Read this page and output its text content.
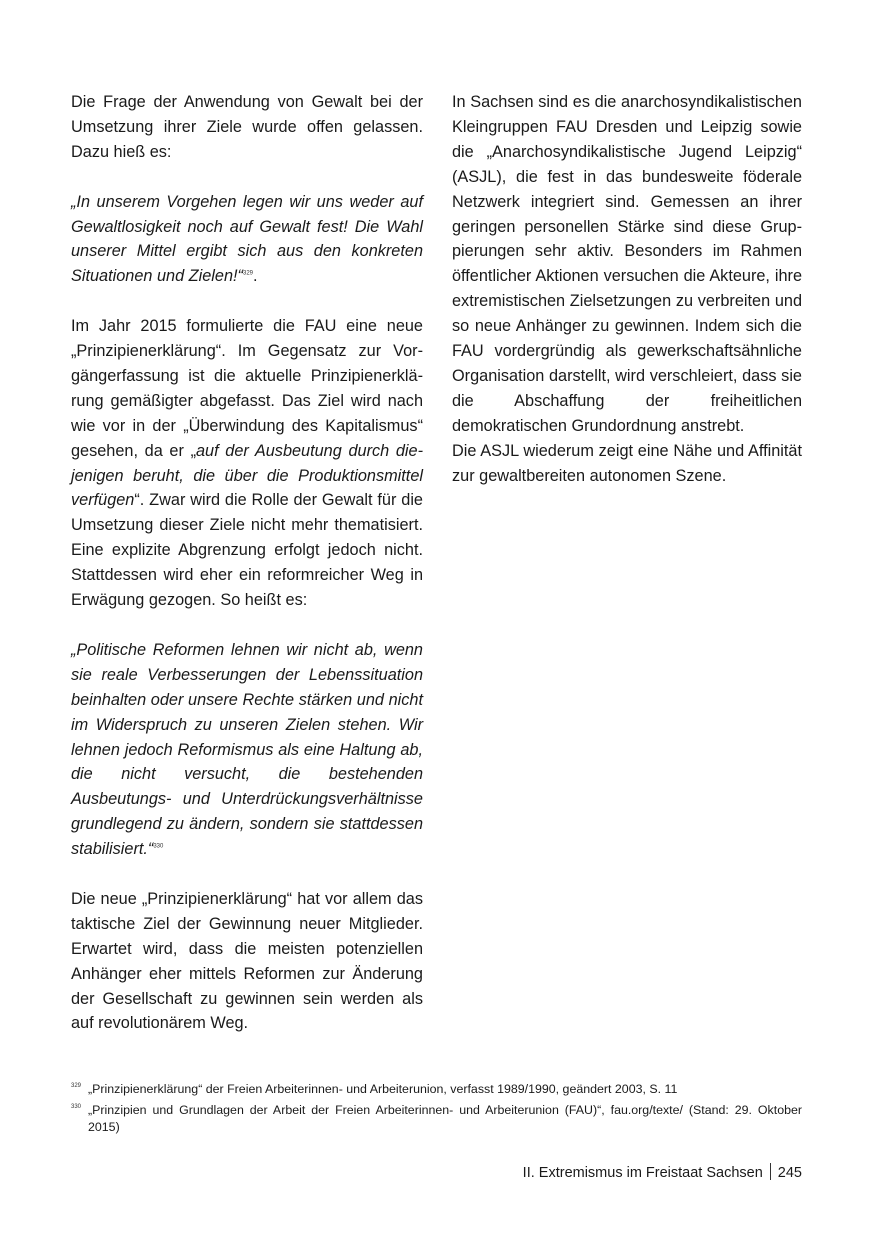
Die Frage der Anwendung von Gewalt bei der Umsetzung ihrer Ziele wurde offen gelassen. Dazu hieß es:

„In unserem Vorgehen legen wir uns weder auf Gewaltlosigkeit noch auf Gewalt fest! Die Wahl unserer Mittel ergibt sich aus den konkreten Situationen und Zielen!“$^{329}$.

Im Jahr 2015 formulierte die FAU eine neue „Prinzipienerklärung“. Im Gegensatz zur Vorgängerfassung ist die aktuelle Prinzipienerklärung gemäßigter abgefasst. Das Ziel wird nach wie vor in der „Überwindung des Kapitalismus“ gesehen, da er „auf der Ausbeutung durch diejenigen beruht, die über die Produktionsmittel verfügen“. Zwar wird die Rolle der Gewalt für die Umsetzung dieser Ziele nicht mehr thematisiert. Eine explizite Abgrenzung erfolgt jedoch nicht. Stattdessen wird eher ein reformreicher Weg in Erwägung gezogen. So heißt es:

„Politische Reformen lehnen wir nicht ab, wenn sie reale Verbesserungen der Lebenssituation beinhalten oder unsere Rechte stärken und nicht im Widerspruch zu unseren Zielen stehen. Wir lehnen jedoch Reformismus als eine Haltung ab, die nicht versucht, die bestehenden Ausbeutungs- und Unterdrückungsverhältnisse grundlegend zu ändern, sondern sie stattdessen stabilisiert.“$^{330}$

Die neue „Prinzipienerklärung“ hat vor allem das taktische Ziel der Gewinnung neuer Mitglieder. Erwartet wird, dass die meisten potenziellen Anhänger eher mittels Reformen zur Änderung der Gesellschaft zu gewinnen sein werden als auf revolutionärem Weg.

In Sachsen sind es die anarchosyndikalistischen Kleingruppen FAU Dresden und Leipzig sowie die „Anarchosyndikalistische Jugend Leipzig“ (ASJL), die fest in das bundesweite föderale Netzwerk integriert sind. Gemessen an ihrer geringen personellen Stärke sind diese Gruppierungen sehr aktiv. Besonders im Rahmen öffentlicher Aktionen versuchen die Akteure, ihre extremistischen Zielsetzungen zu verbreiten und so neue Anhänger zu gewinnen. Indem sich die FAU vordergründig als gewerkschaftsähnliche Organisation darstellt, wird verschleiert, dass sie die Abschaffung der freiheitlichen demokratischen Grundordnung anstrebt.

Die ASJL wiederum zeigt eine Nähe und Affinität zur gewaltbereiten autonomen Szene.

329 „Prinzipienerklärung“ der Freien Arbeiterinnen- und Arbeiterunion, verfasst 1989/1990, geändert 2003, S. 11
330 „Prinzipien und Grundlagen der Arbeit der Freien Arbeiterinnen- und Arbeiterunion (FAU)“, fau.org/texte/ (Stand: 29. Oktober 2015)
II. Extremismus im Freistaat Sachsen 245
